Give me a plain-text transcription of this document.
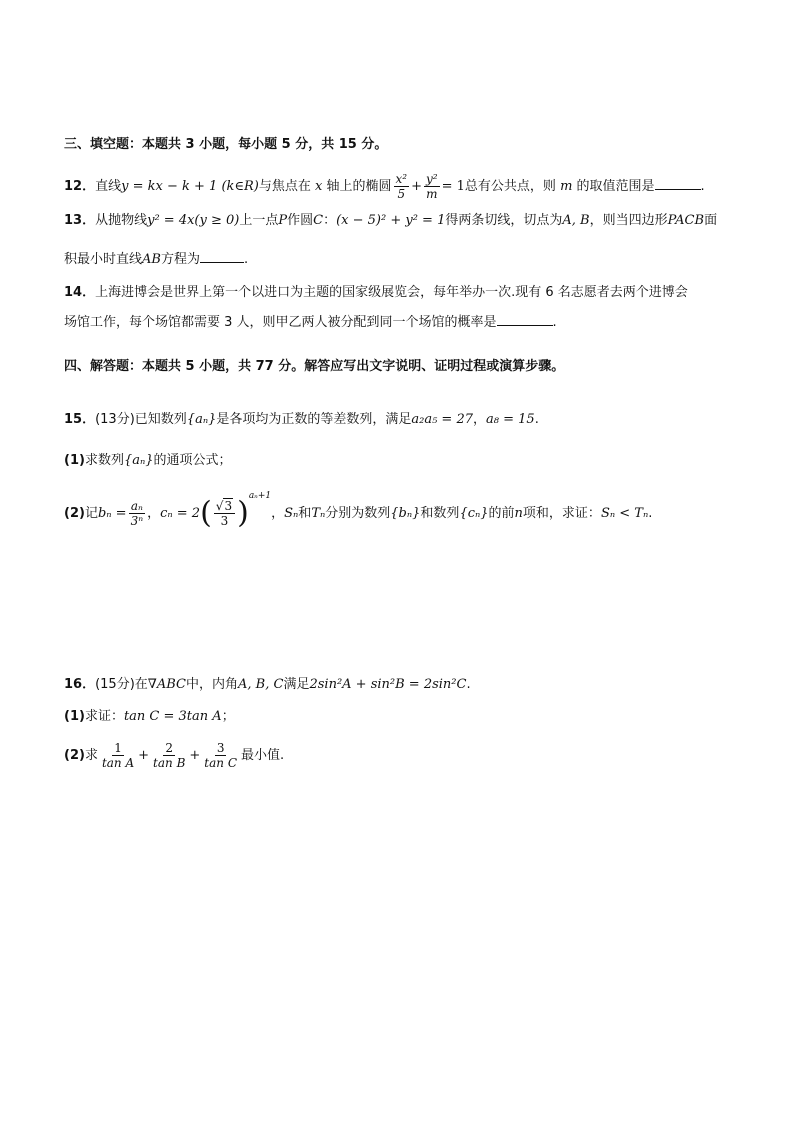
三、填空题：本题共 3 小题，每小题 5 分，共 15 分。
12．直线y = kx − k + 1 (k∈R)与焦点在 x 轴上的椭圆 $\frac{\text{x²}}{5} + \frac{\text{y²}}{m} = 1$总有公共点，则 m 的取值范围是	.
13．从抛物线y² = 4x(y ≥ 0)上一点P作圆C：(x − 5)² + y² = 1得两条切线，切点为A, B，则当四边形PACB面
积最小时直线AB方程为	.
14．上海进博会是世界上第一个以进口为主题的国家级展览会，每年举办一次.现有 6 名志愿者去两个进博会
场馆工作，每个场馆都需要 3 人，则甲乙两人被分配到同一个场馆的概率是	.
四、解答题：本题共 5 小题，共 77 分。解答应写出文字说明、证明过程或演算步骤。
15．(13分)已知数列{aₙ}是各项均为正数的等差数列，满足a₂a₅ = 27，a₈ = 15.
(1)求数列{aₙ}的通项公式；
(2)记$b_n = \frac{\text{aₙ}}{\text{3ⁿ}}$ ，$c_n = 2( \frac{√3}{3} )^{a_n+1}$，Sₙ和Tₙ分别为数列{bₙ}和数列{cₙ}的前n项和，求证：Sₙ < Tₙ.
16．(15分)在∇ABC中，内角A, B, C满足2sin²A + sin²B = 2sin²C.
(1)求证：tan C = 3tan A；
(2)求 $\frac{1}{\text{tan A}} + \frac{2}{\text{tan B}} + \frac{3}{\text{tan C}}$ 最小值.
